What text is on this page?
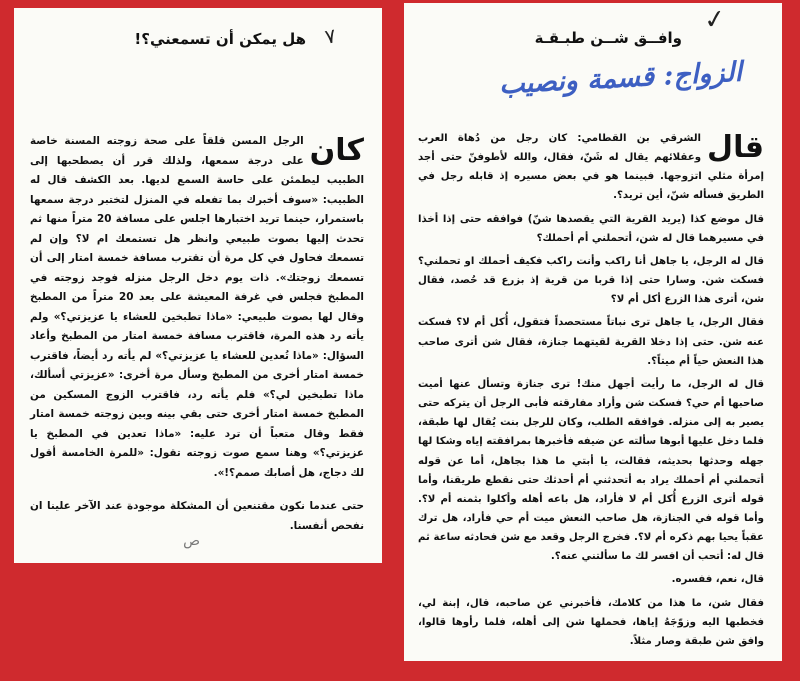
٧
هل يمكن أن تسمعني؟!

كان
الرجل المسن قلقاً على صحة زوجته المسنة خاصة على درجة سمعها، ولذلك قرر أن يصطحبها إلى الطبيب ليطمئن على حاسة السمع لديها. بعد الكشف قال له الطبيب: «سوف أخبرك بما تفعله في المنزل لتختبر درجة سمعها باستمرار، حينما تريد اختبارها اجلس على مسافة 20 متراً منها ثم تحدث إليها بصوت طبيعي وانظر هل تستمعك ام لا؟ وإن لم تسمعك فحاول في كل مرة أن تقترب مسافة خمسة امتار إلى أن تسمعك زوجتك». ذات يوم دخل الرجل منزله فوجد زوجته في المطبخ فجلس في غرفة المعيشة على بعد 20 متراً من المطبخ وقال لها بصوت طبيعي: «ماذا تطبخين للعشاء يا عزيزتي؟» ولم يأته رد هذه المرة، فاقترب مسافة خمسة امتار من المطبخ وأعاد السؤال: «ماذا تُعدين للعشاء يا عزيزتي؟» لم يأته رد أيضاً، فاقترب خمسة امتار أخرى من المطبخ وسأل مرة أخرى: «عزيزتي أسألك، ماذا تطبخين لي؟» فلم يأته رد، فاقترب الزوج المسكين من المطبخ خمسة امتار أخرى حتى بقي بينه وبين زوجته خمسة امتار فقط وقال متعباً أن ترد عليه: «ماذا تعدين في المطبخ يا عزيزتي؟» وهنا سمع صوت زوجته تقول: «للمرة الخامسة أقول لك دجاج، هل أصابك صمم؟!».

حتى عندما نكون مقتنعين أن المشكلة موجودة عند الآخر علينا ان نفحص أنفسنا.

ص
✓
وافــق شــن طبـقـة
الزواج: قسمة ونصيب

قال
الشرقي بن القطامي: كان رجل من دُهاة العرب وعقلائهم يقال له شَنّ، فقال، والله لأطوفنّ حتى أجد إمرأة مثلي اتزوجها. فبينما هو في بعض مسيره إذ قابله رجل في الطريق فسأله شنّ، أين تريد؟.

قال موضع كذا (يريد القرية التي يقصدها شنّ) فوافقه حتى إذا أخذا في مسيرهما قال له شن، أتحملني أم أحملك؟

قال له الرجل، يا جاهل أنا راكب وأنت راكب فكيف أحملك او تحملني؟ فسكت شن. وسارا حتى إذا قربا من قرية إذ بزرع قد حُصد، فقال شن، أترى هذا الزرع أكل أم لا؟

فقال الرجل، يا جاهل ترى نباتاً مستحصداً فتقول، أُكل أم لا؟ فسكت عنه شن. حتى إذا دخلا القرية لقيتهما جنازة، فقال شن أترى صاحب هذا النعش حياً أم ميتاً؟.

قال له الرجل، ما رأيت أجهل منك! ترى جنازة وتسأل عنها أميت صاحبها أم حي؟ فسكت شن وأراد مفارقته فأبى الرجل أن يتركه حتى يصير به إلى منزله. فوافقه الطلب، وكان للرجل بنت يُقال لها طبقة، فلما دخل عليها أبوها سألته عن ضيفه فأخبرها بمرافقته إياه وشكا لها جهله وحدثها بحديثه، فقالت، يا أبتي ما هذا بجاهل، أما عن قوله أتحملني أم أحملك يراد به أتحدثني أم أحدثك حتى نقطع طريقنا، وأما قوله أترى الزرع أُكل أم لا فأراد، هل باعه أهله وأكلوا بثمنه أم لا؟. وأما قوله في الجنازة، هل صاحب النعش ميت أم حي فأراد، هل ترك عقباً يحيا بهم ذكره أم لا؟. فخرج الرجل وقعد مع شن فحادثه ساعة ثم قال له: أتحب أن افسر لك ما سألتني عنه؟.

قال، نعم، ففسره.

فقال شن، ما هذا من كلامك، فأخبرني عن صاحبه، قال، إبنة لي، فخطبها اليه وزوّجَهُ إياها، فحملها شن إلى أهله، فلما رأوها قالوا، وافق شن طبقة وصار مثلاً.
